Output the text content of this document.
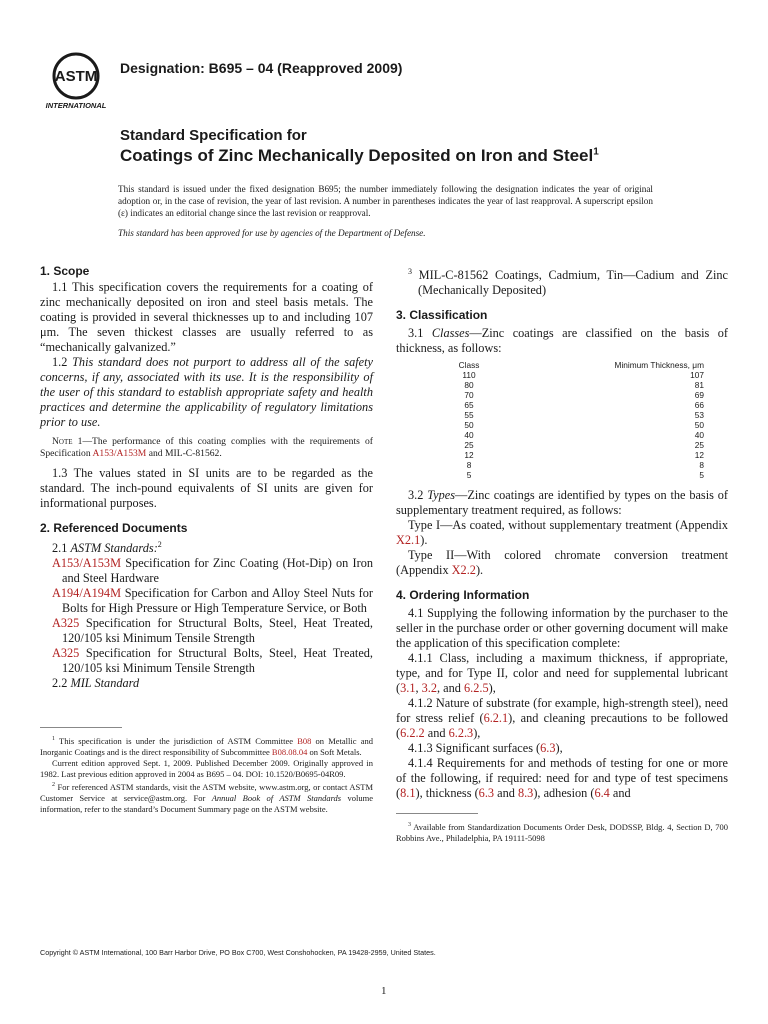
ASTM
INTERNATIONAL
Designation: B695 – 04 (Reapproved 2009)
Standard Specification for
Coatings of Zinc Mechanically Deposited on Iron and Steel$^1$
This standard is issued under the fixed designation B695; the number immediately following the designation indicates the year of original adoption or, in the case of revision, the year of last revision. A number in parentheses indicates the year of last reapproval. A superscript epsilon (ε) indicates an editorial change since the last revision or reapproval.
This standard has been approved for use by agencies of the Department of Defense.

1. Scope

1.1 This specification covers the requirements for a coating of zinc mechanically deposited on iron and steel basis metals. The coating is provided in several thicknesses up to and including 107 μm. The seven thickest classes are usually referred to as “mechanically galvanized.”

1.2 This standard does not purport to address all of the safety concerns, if any, associated with its use. It is the responsibility of the user of this standard to establish appropriate safety and health practices and determine the applicability of regulatory limitations prior to use.

Note 1—The performance of this coating complies with the requirements of Specification A153/A153M and MIL-C-81562.

1.3 The values stated in SI units are to be regarded as the standard. The inch-pound equivalents of SI units are given for informational purposes.

2. Referenced Documents

2.1 ASTM Standards:$^2$

A153/A153M Specification for Zinc Coating (Hot-Dip) on Iron and Steel Hardware

A194/A194M Specification for Carbon and Alloy Steel Nuts for Bolts for High Pressure or High Temperature Service, or Both

A325 Specification for Structural Bolts, Steel, Heat Treated, 120/105 ksi Minimum Tensile Strength

A325 Specification for Structural Bolts, Steel, Heat Treated, 120/105 ksi Minimum Tensile Strength

2.2 MIL Standard

$^1$ This specification is under the jurisdiction of ASTM Committee B08 on Metallic and Inorganic Coatings and is the direct responsibility of Subcommittee B08.08.04 on Soft Metals.

Current edition approved Sept. 1, 2009. Published December 2009. Originally approved in 1982. Last previous edition approved in 2004 as B695 – 04. DOI: 10.1520/B0695-04R09.

$^2$ For referenced ASTM standards, visit the ASTM website, www.astm.org, or contact ASTM Customer Service at service@astm.org. For Annual Book of ASTM Standards volume information, refer to the standard’s Document Summary page on the ASTM website.

$^3$ MIL-C-81562 Coatings, Cadmium, Tin—Cadium and Zinc (Mechanically Deposited)

3. Classification

3.1 Classes—Zinc coatings are classified on the basis of thickness, as follows:

Class	Minimum Thickness, μm
110	107
80	81
70	69
65	66
55	53
50	50
40	40
25	25
12	12
8	8
5	5

3.2 Types—Zinc coatings are identified by types on the basis of supplementary treatment required, as follows:

Type I—As coated, without supplementary treatment (Appendix X2.1).

Type II—With colored chromate conversion treatment (Appendix X2.2).

4. Ordering Information

4.1 Supplying the following information by the purchaser to the seller in the purchase order or other governing document will make the application of this specification complete:

4.1.1 Class, including a maximum thickness, if appropriate, type, and for Type II, color and need for supplemental lubricant (3.1, 3.2, and 6.2.5),

4.1.2 Nature of substrate (for example, high-strength steel), need for stress relief (6.2.1), and cleaning precautions to be followed (6.2.2 and 6.2.3),

4.1.3 Significant surfaces (6.3),

4.1.4 Requirements for and methods of testing for one or more of the following, if required: need for and type of test specimens (8.1), thickness (6.3 and 8.3), adhesion (6.4 and

$^3$ Available from Standardization Documents Order Desk, DODSSP, Bldg. 4, Section D, 700 Robbins Ave., Philadelphia, PA 19111-5098

Copyright © ASTM International, 100 Barr Harbor Drive, PO Box C700, West Conshohocken, PA 19428-2959, United States.
1
